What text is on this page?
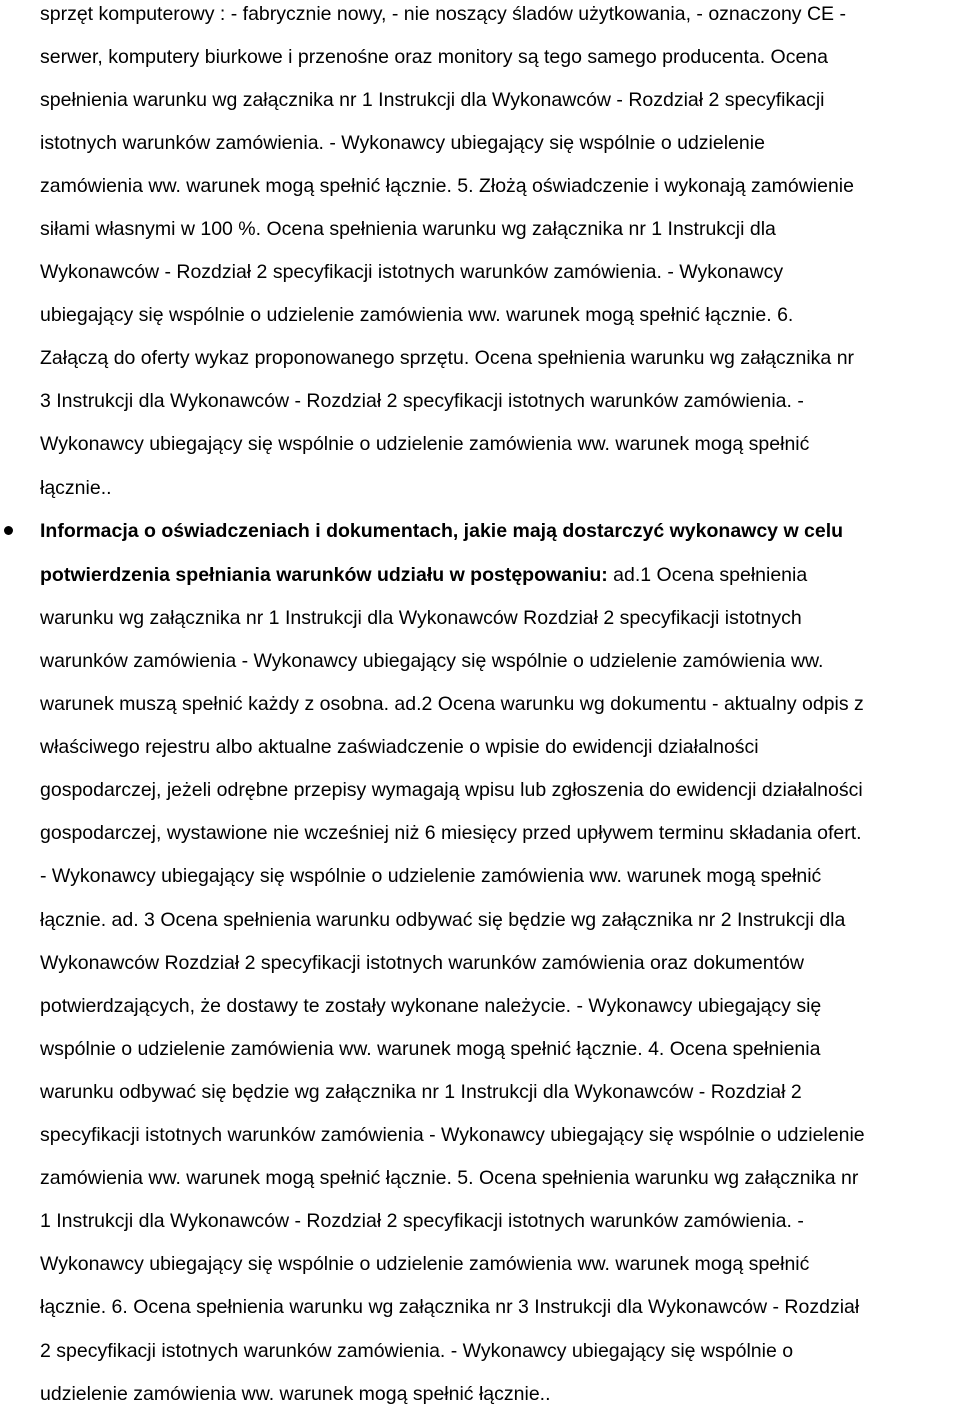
sprzęt komputerowy : - fabrycznie nowy, - nie noszący śladów użytkowania, - oznaczony CE -
serwer, komputery biurkowe i przenośne oraz monitory są tego samego producenta. Ocena
spełnienia warunku wg załącznika nr 1 Instrukcji dla Wykonawców - Rozdział 2 specyfikacji
istotnych warunków zamówienia. - Wykonawcy ubiegający się wspólnie o udzielenie
zamówienia ww. warunek mogą spełnić łącznie. 5. Złożą oświadczenie i wykonają zamówienie
siłami własnymi w 100 %. Ocena spełnienia warunku wg załącznika nr 1 Instrukcji dla
Wykonawców - Rozdział 2 specyfikacji istotnych warunków zamówienia. - Wykonawcy
ubiegający się wspólnie o udzielenie zamówienia ww. warunek mogą spełnić łącznie. 6.
Załączą do oferty wykaz proponowanego sprzętu. Ocena spełnienia warunku wg załącznika nr
3 Instrukcji dla Wykonawców - Rozdział 2 specyfikacji istotnych warunków zamówienia. -
Wykonawcy ubiegający się wspólnie o udzielenie zamówienia ww. warunek mogą spełnić
łącznie..
Informacja o oświadczeniach i dokumentach, jakie mają dostarczyć wykonawcy w celu
potwierdzenia spełniania warunków udziału w postępowaniu: ad.1 Ocena spełnienia
warunku wg załącznika nr 1 Instrukcji dla Wykonawców Rozdział 2 specyfikacji istotnych
warunków zamówienia - Wykonawcy ubiegający się wspólnie o udzielenie zamówienia ww.
warunek muszą spełnić każdy z osobna. ad.2 Ocena warunku wg dokumentu - aktualny odpis z
właściwego rejestru albo aktualne zaświadczenie o wpisie do ewidencji działalności
gospodarczej, jeżeli odrębne przepisy wymagają wpisu lub zgłoszenia do ewidencji działalności
gospodarczej, wystawione nie wcześniej niż 6 miesięcy przed upływem terminu składania ofert.
- Wykonawcy ubiegający się wspólnie o udzielenie zamówienia ww. warunek mogą spełnić
łącznie. ad. 3 Ocena spełnienia warunku odbywać się będzie wg załącznika nr 2 Instrukcji dla
Wykonawców Rozdział 2 specyfikacji istotnych warunków zamówienia oraz dokumentów
potwierdzających, że dostawy te zostały wykonane należycie. - Wykonawcy ubiegający się
wspólnie o udzielenie zamówienia ww. warunek mogą spełnić łącznie. 4. Ocena spełnienia
warunku odbywać się będzie wg załącznika nr 1 Instrukcji dla Wykonawców - Rozdział 2
specyfikacji istotnych warunków zamówienia - Wykonawcy ubiegający się wspólnie o udzielenie
zamówienia ww. warunek mogą spełnić łącznie. 5. Ocena spełnienia warunku wg załącznika nr
1 Instrukcji dla Wykonawców - Rozdział 2 specyfikacji istotnych warunków zamówienia. -
Wykonawcy ubiegający się wspólnie o udzielenie zamówienia ww. warunek mogą spełnić
łącznie. 6. Ocena spełnienia warunku wg załącznika nr 3 Instrukcji dla Wykonawców - Rozdział
2 specyfikacji istotnych warunków zamówienia. - Wykonawcy ubiegający się wspólnie o
udzielenie zamówienia ww. warunek mogą spełnić łącznie..
